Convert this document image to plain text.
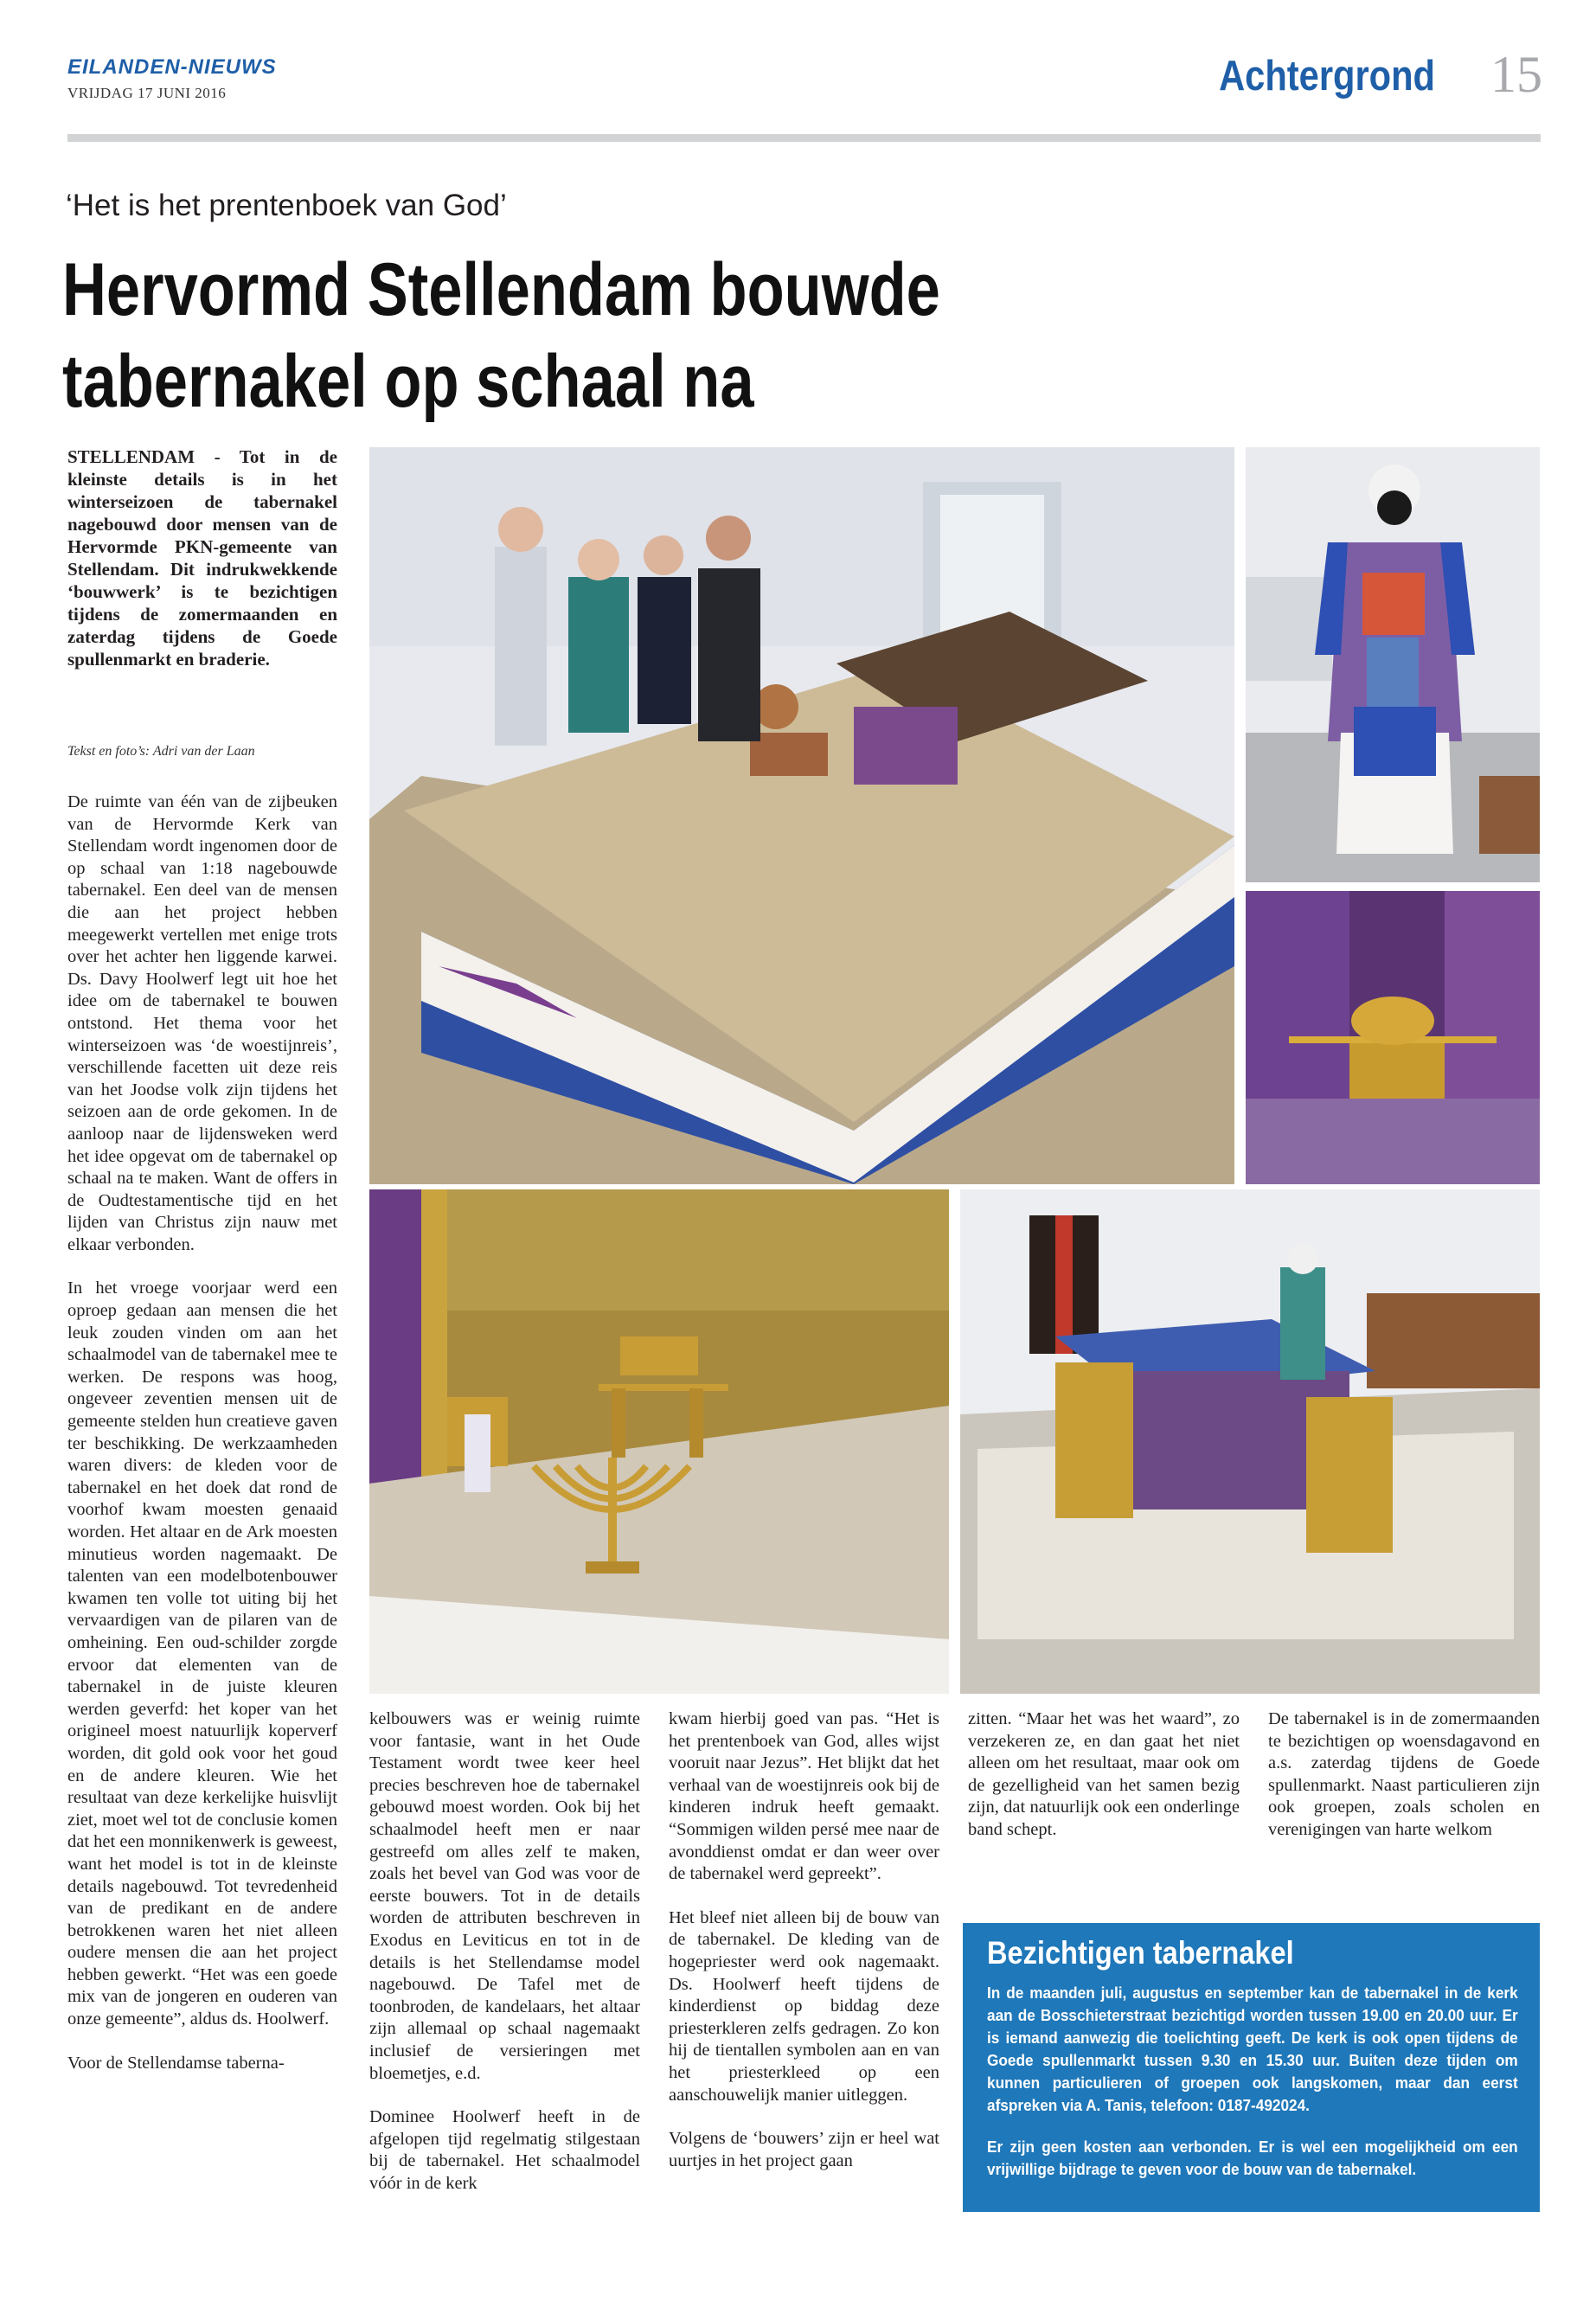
EILANDEN-NIEUWS
VRIJDAG 17 JUNI 2016	Achtergrond 15
‘Het is het prentenboek van God’
Hervormd Stellendam bouwde
tabernakel op schaal na
STELLENDAM - Tot in de kleinste details is in het winterseizoen de tabernakel nagebouwd door mensen van de Hervormde PKN-gemeente van Stellendam. Dit indrukwekkende ‘bouwwerk’ is te bezichtigen tijdens de zomermaanden en zaterdag tijdens de Goede spullenmarkt en braderie.
Tekst en foto’s: Adri van der Laan

De ruimte van één van de zijbeuken van de Hervormde Kerk van Stellendam wordt ingenomen door de op schaal van 1:18 nagebouwde tabernakel. Een deel van de mensen die aan het project hebben meegewerkt vertellen met enige trots over het achter hen liggende karwei. Ds. Davy Hoolwerf legt uit hoe het idee om de tabernakel te bouwen ontstond. Het thema voor het winterseizoen was ‘de woestijnreis’, verschillende facetten uit deze reis van het Joodse volk zijn tijdens het seizoen aan de orde gekomen. In de aanloop naar de lijdensweken werd het idee opgevat om de tabernakel op schaal na te maken. Want de offers in de Oudtestamentische tijd en het lijden van Christus zijn nauw met elkaar verbonden.

In het vroege voorjaar werd een oproep gedaan aan mensen die het leuk zouden vinden om aan het schaalmodel van de tabernakel mee te werken. De respons was hoog, ongeveer zeventien mensen uit de gemeente stelden hun creatieve gaven ter beschikking. De werkzaamheden waren divers: de kleden voor de tabernakel en het doek dat rond de voorhof kwam moesten genaaid worden. Het altaar en de Ark moesten minutieus worden nagemaakt. De talenten van een modelbotenbouwer kwamen ten volle tot uiting bij het vervaardigen van de pilaren van de omheining. Een oud-schilder zorgde ervoor dat elementen van de tabernakel in de juiste kleuren werden geverfd: het koper van het origineel moest natuurlijk koperverf worden, dit gold ook voor het goud en de andere kleuren. Wie het resultaat van deze kerkelijke huisvlijt ziet, moet wel tot de conclusie komen dat het een monnikenwerk is geweest, want het model is tot in de kleinste details nagebouwd. Tot tevredenheid van de predikant en de andere betrokkenen waren het niet alleen oudere mensen die aan het project hebben gewerkt. “Het was een goede mix van de jongeren en ouderen van onze gemeente”, aldus ds. Hoolwerf.

Voor de Stellendamse taberna-

kelbouwers was er weinig ruimte voor fantasie, want in het Oude Testament wordt twee keer heel precies beschreven hoe de tabernakel gebouwd moest worden. Ook bij het schaalmodel heeft men er naar gestreefd om alles zelf te maken, zoals het bevel van God was voor de eerste bouwers. Tot in de details worden de attributen beschreven in Exodus en Leviticus en tot in de details is het Stellendamse model nagebouwd. De Tafel met de toonbroden, de kandelaars, het altaar zijn allemaal op schaal nagemaakt inclusief de versieringen met bloemetjes, e.d.

Dominee Hoolwerf heeft in de afgelopen tijd regelmatig stilgestaan bij de tabernakel. Het schaalmodel vóór in de kerk

kwam hierbij goed van pas. “Het is het prentenboek van God, alles wijst vooruit naar Jezus”. Het blijkt dat het verhaal van de woestijnreis ook bij de kinderen indruk heeft gemaakt. “Sommigen wilden persé mee naar de avonddienst omdat er dan weer over de tabernakel werd gepreekt”.

Het bleef niet alleen bij de bouw van de tabernakel. De kleding van de hogepriester werd ook nagemaakt. Ds. Hoolwerf heeft tijdens de kinderdienst op biddag deze priesterkleren zelfs gedragen. Zo kon hij de tientallen symbolen aan en van het priesterkleed op een aanschouwelijk manier uitleggen.

Volgens de ‘bouwers’ zijn er heel wat uurtjes in het project gaan

zitten. “Maar het was het waard”, zo verzekeren ze, en dan gaat het niet alleen om het resultaat, maar ook om de gezelligheid van het samen bezig zijn, dat natuurlijk ook een onderlinge band schept.

De tabernakel is in de zomermaanden te bezichtigen op woensdagavond en a.s. zaterdag tijdens de Goede spullenmarkt. Naast particulieren zijn ook groepen, zoals scholen en verenigingen van harte welkom

Bezichtigen tabernakel

In de maanden juli, augustus en september kan de tabernakel in de kerk aan de Bosschieterstraat bezichtigd worden tussen 19.00 en 20.00 uur. Er is iemand aanwezig die toelichting geeft. De kerk is ook open tijdens de Goede spullenmarkt tussen 9.30 en 15.30 uur. Buiten deze tijden om kunnen particulieren of groepen ook langskomen, maar dan eerst afspreken via A. Tanis, telefoon: 0187-492024.

Er zijn geen kosten aan verbonden. Er is wel een mogelijkheid om een vrijwillige bijdrage te geven voor de bouw van de tabernakel.
